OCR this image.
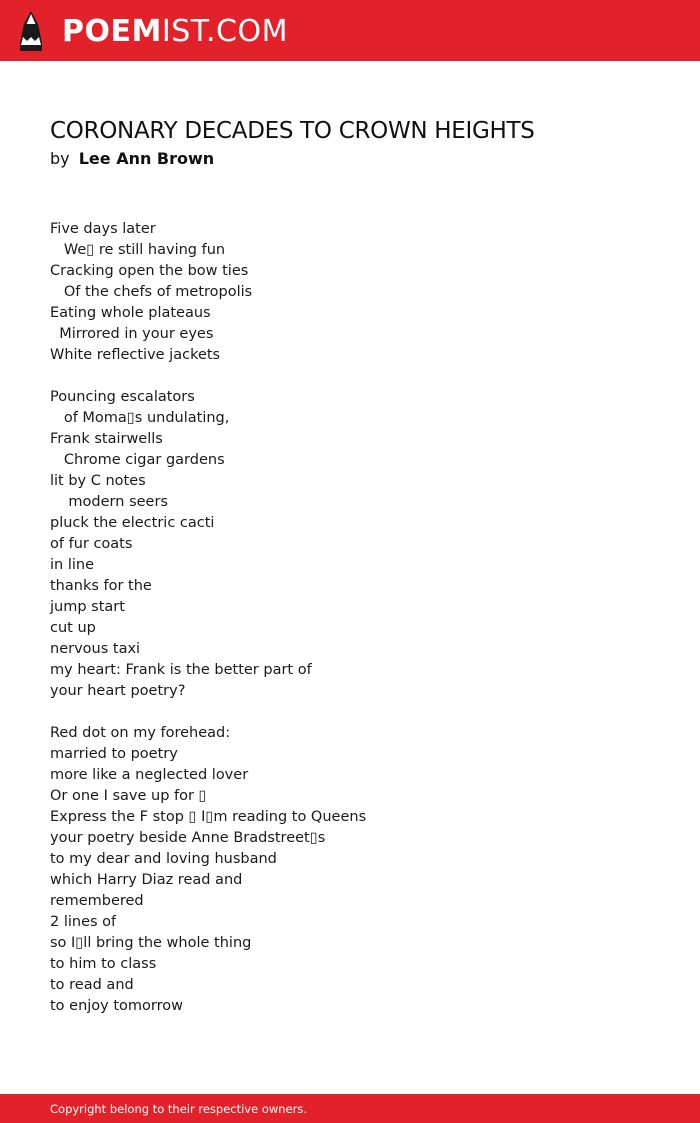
POEMIST.COM
CORONARY DECADES TO CROWN HEIGHTS
by Lee Ann Brown
Five days later
We▯ re still having fun
Cracking open the bow ties
Of the chefs of metropolis
Eating whole plateaus
Mirrored in your eyes
White reflective jackets
Pouncing escalators
of Moma▯s undulating,
Frank stairwells
Chrome cigar gardens
lit by C notes
modern seers
pluck the electric cacti
of fur coats
in line
thanks for the
jump start
cut up
nervous taxi
my heart: Frank is the better part of
your heart poetry?
Red dot on my forehead:
married to poetry
more like a neglected lover
Or one I save up for ▯
Express the F stop ▯ I▯m reading to Queens
your poetry beside Anne Bradstreet▯s
to my dear and loving husband
which Harry Diaz read and
remembered
2 lines of
so I▯ll bring the whole thing
to him to class
to read and
to enjoy tomorrow
Copyright belong to their respective owners.
